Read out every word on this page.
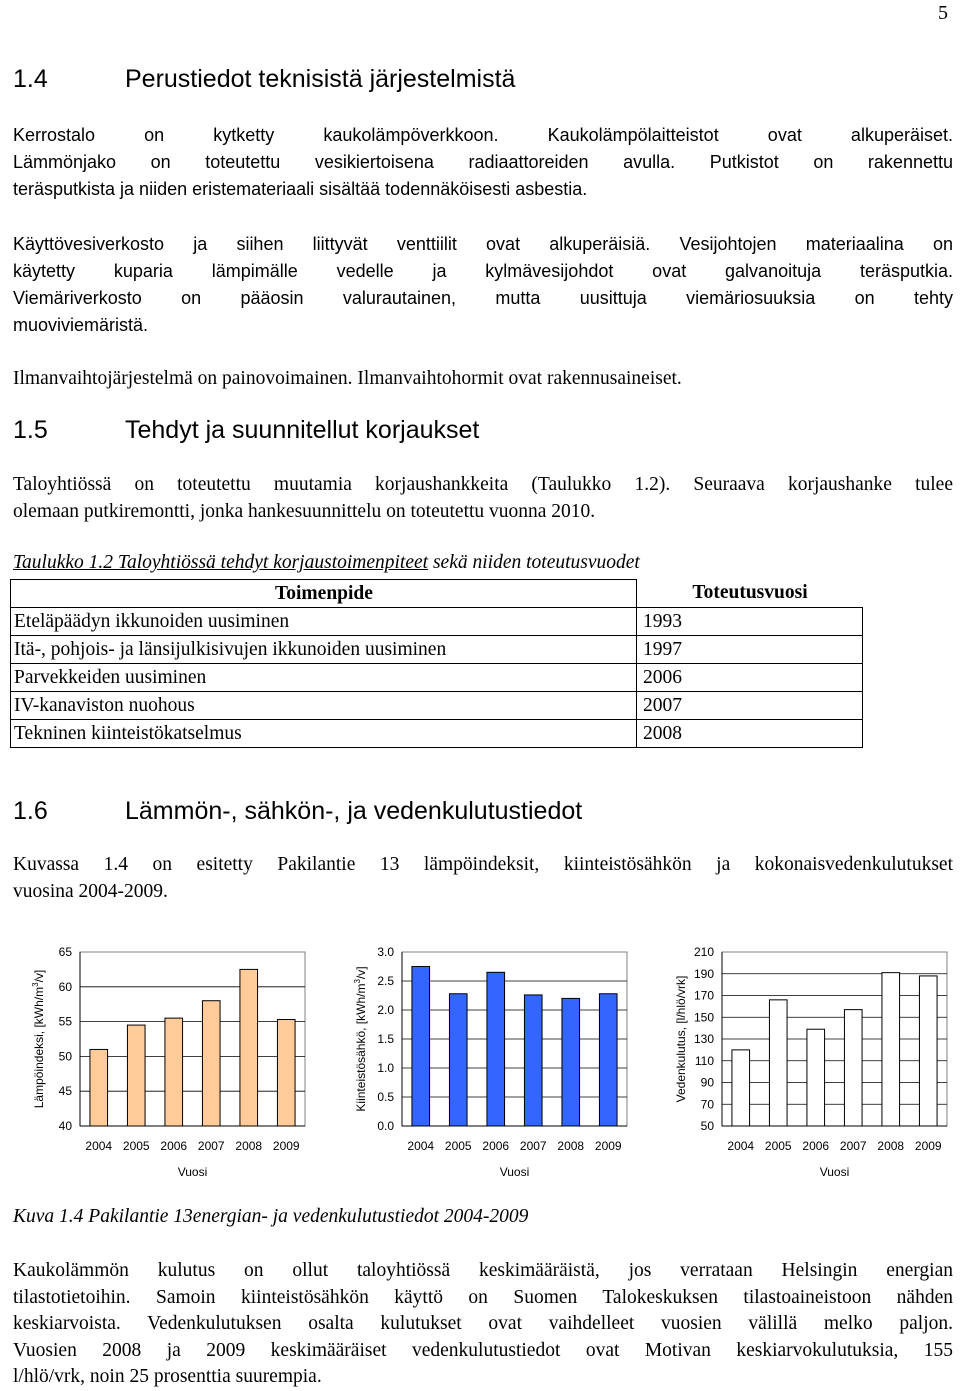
5
1.4	Perustiedot teknisistä järjestelmistä
Kerrostalo on kytketty kaukolämpöverkkoon. Kaukolämpölaitteistot ovat alkuperäiset.
Lämmönjako on toteutettu vesikiertoisena radiaattoreiden avulla. Putkistot on rakennettu
teräsputkista ja niiden eristemateriaali sisältää todennäköisesti asbestia.
Käyttövesiverkosto ja siihen liittyvät venttiilit ovat alkuperäisiä. Vesijohtojen materiaalina on
käytetty kuparia lämpimälle vedelle ja kylmävesijohdot ovat galvanoituja teräsputkia.
Viemäriverkosto on pääosin valurautainen, mutta uusittuja viemäriosuuksia on tehty
muoviviemäristä.
Ilmanvaihtojärjestelmä on painovoimainen. Ilmanvaihtohormit ovat rakennusaineiset.
1.5	Tehdyt ja suunnitellut korjaukset
Taloyhtiössä on toteutettu muutamia korjaushankkeita (Taulukko 1.2). Seuraava korjaushanke tulee
olemaan putkiremontti, jonka hankesuunnittelu on toteutettu vuonna 2010.
Taulukko 1.2 Taloyhtiössä tehdyt korjaustoimenpiteet sekä niiden toteutusvuodet
Toimenpide	Toteutusvuosi
Eteläpäädyn ikkunoiden uusiminen	1993
Itä-, pohjois- ja länsijulkisivujen ikkunoiden uusiminen	1997
Parvekkeiden uusiminen	2006
IV-kanaviston nuohous	2007
Tekninen kiinteistökatselmus	2008
1.6	Lämmön-, sähkön-, ja vedenkulutustiedot
Kuvassa 1.4 on esitetty Pakilantie 13 lämpöindeksit, kiinteistösähkön ja kokonaisvedenkulutukset
vuosina 2004-2009.
40
45
50
55
60
65
2004 2005 2006 2007 2008 2009
Vuosi
Lämpöindeksi, $[kWh/m^3/v]$
0.0
0.5
1.0
1.5
2.0
2.5
3.0
2004 2005 2006 2007 2008 2009
Vuosi
Kiinteistösähkö, $[kWh/m^3/v]$
50
70
90
110
130
150
170
190
210
2004 2005 2006 2007 2008 2009
Vuosi
Vedenkulutus, [l/hlö/vrk]
Kuva 1.4 Pakilantie 13energian- ja vedenkulutustiedot 2004-2009
Kaukolämmön kulutus on ollut taloyhtiössä keskimääräistä, jos verrataan Helsingin energian
tilastotietoihin. Samoin kiinteistösähkön käyttö on Suomen Talokeskuksen tilastoaineistoon nähden
keskiarvoista. Vedenkulutuksen osalta kulutukset ovat vaihdelleet vuosien välillä melko paljon.
Vuosien 2008 ja 2009 keskimääräiset vedenkulutustiedot ovat Motivan keskiarvokulutuksia, 155
l/hlö/vrk, noin 25 prosenttia suurempia.
